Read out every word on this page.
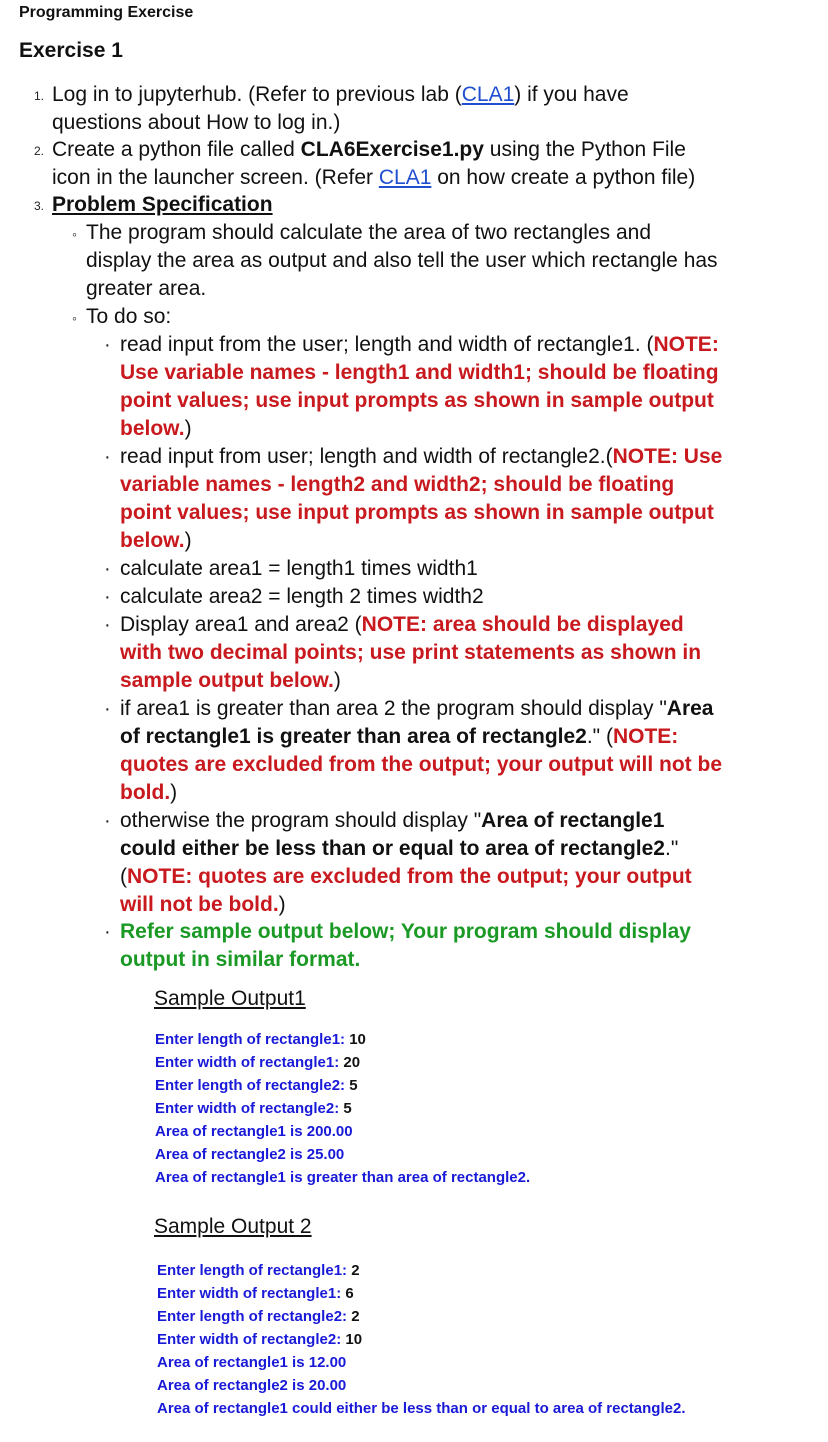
Programming Exercise
Exercise 1
1. Log in to jupyterhub. (Refer to previous lab (CLA1) if you have
questions about How to log in.)
2. Create a python file called CLA6Exercise1.py using the Python File
icon in the launcher screen. (Refer CLA1 on how create a python file)
3. Problem Specification
◦ The program should calculate the area of two rectangles and
display the area as output and also tell the user which rectangle has
greater area.
◦ To do so:
· read input from the user; length and width of rectangle1. (NOTE:
Use variable names - length1 and width1; should be floating
point values; use input prompts as shown in sample output
below.)
· read input from user; length and width of rectangle2.(NOTE: Use
variable names - length2 and width2; should be floating
point values; use input prompts as shown in sample output
below.)
· calculate area1 = length1 times width1
· calculate area2 = length 2 times width2
· Display area1 and area2 (NOTE: area should be displayed
with two decimal points; use print statements as shown in
sample output below.)
· if area1 is greater than area 2 the program should display "Area
of rectangle1 is greater than area of rectangle2." (NOTE:
quotes are excluded from the output; your output will not be
bold.)
· otherwise the program should display "Area of rectangle1
could either be less than or equal to area of rectangle2."
(NOTE: quotes are excluded from the output; your output
will not be bold.)
· Refer sample output below; Your program should display
output in similar format.
Sample Output1
Enter length of rectangle1: 10
Enter width of rectangle1: 20
Enter length of rectangle2: 5
Enter width of rectangle2: 5
Area of rectangle1 is 200.00
Area of rectangle2 is 25.00
Area of rectangle1 is greater than area of rectangle2.
Sample Output 2
Enter length of rectangle1: 2
Enter width of rectangle1: 6
Enter length of rectangle2: 2
Enter width of rectangle2: 10
Area of rectangle1 is 12.00
Area of rectangle2 is 20.00
Area of rectangle1 could either be less than or equal to area of rectangle2.
